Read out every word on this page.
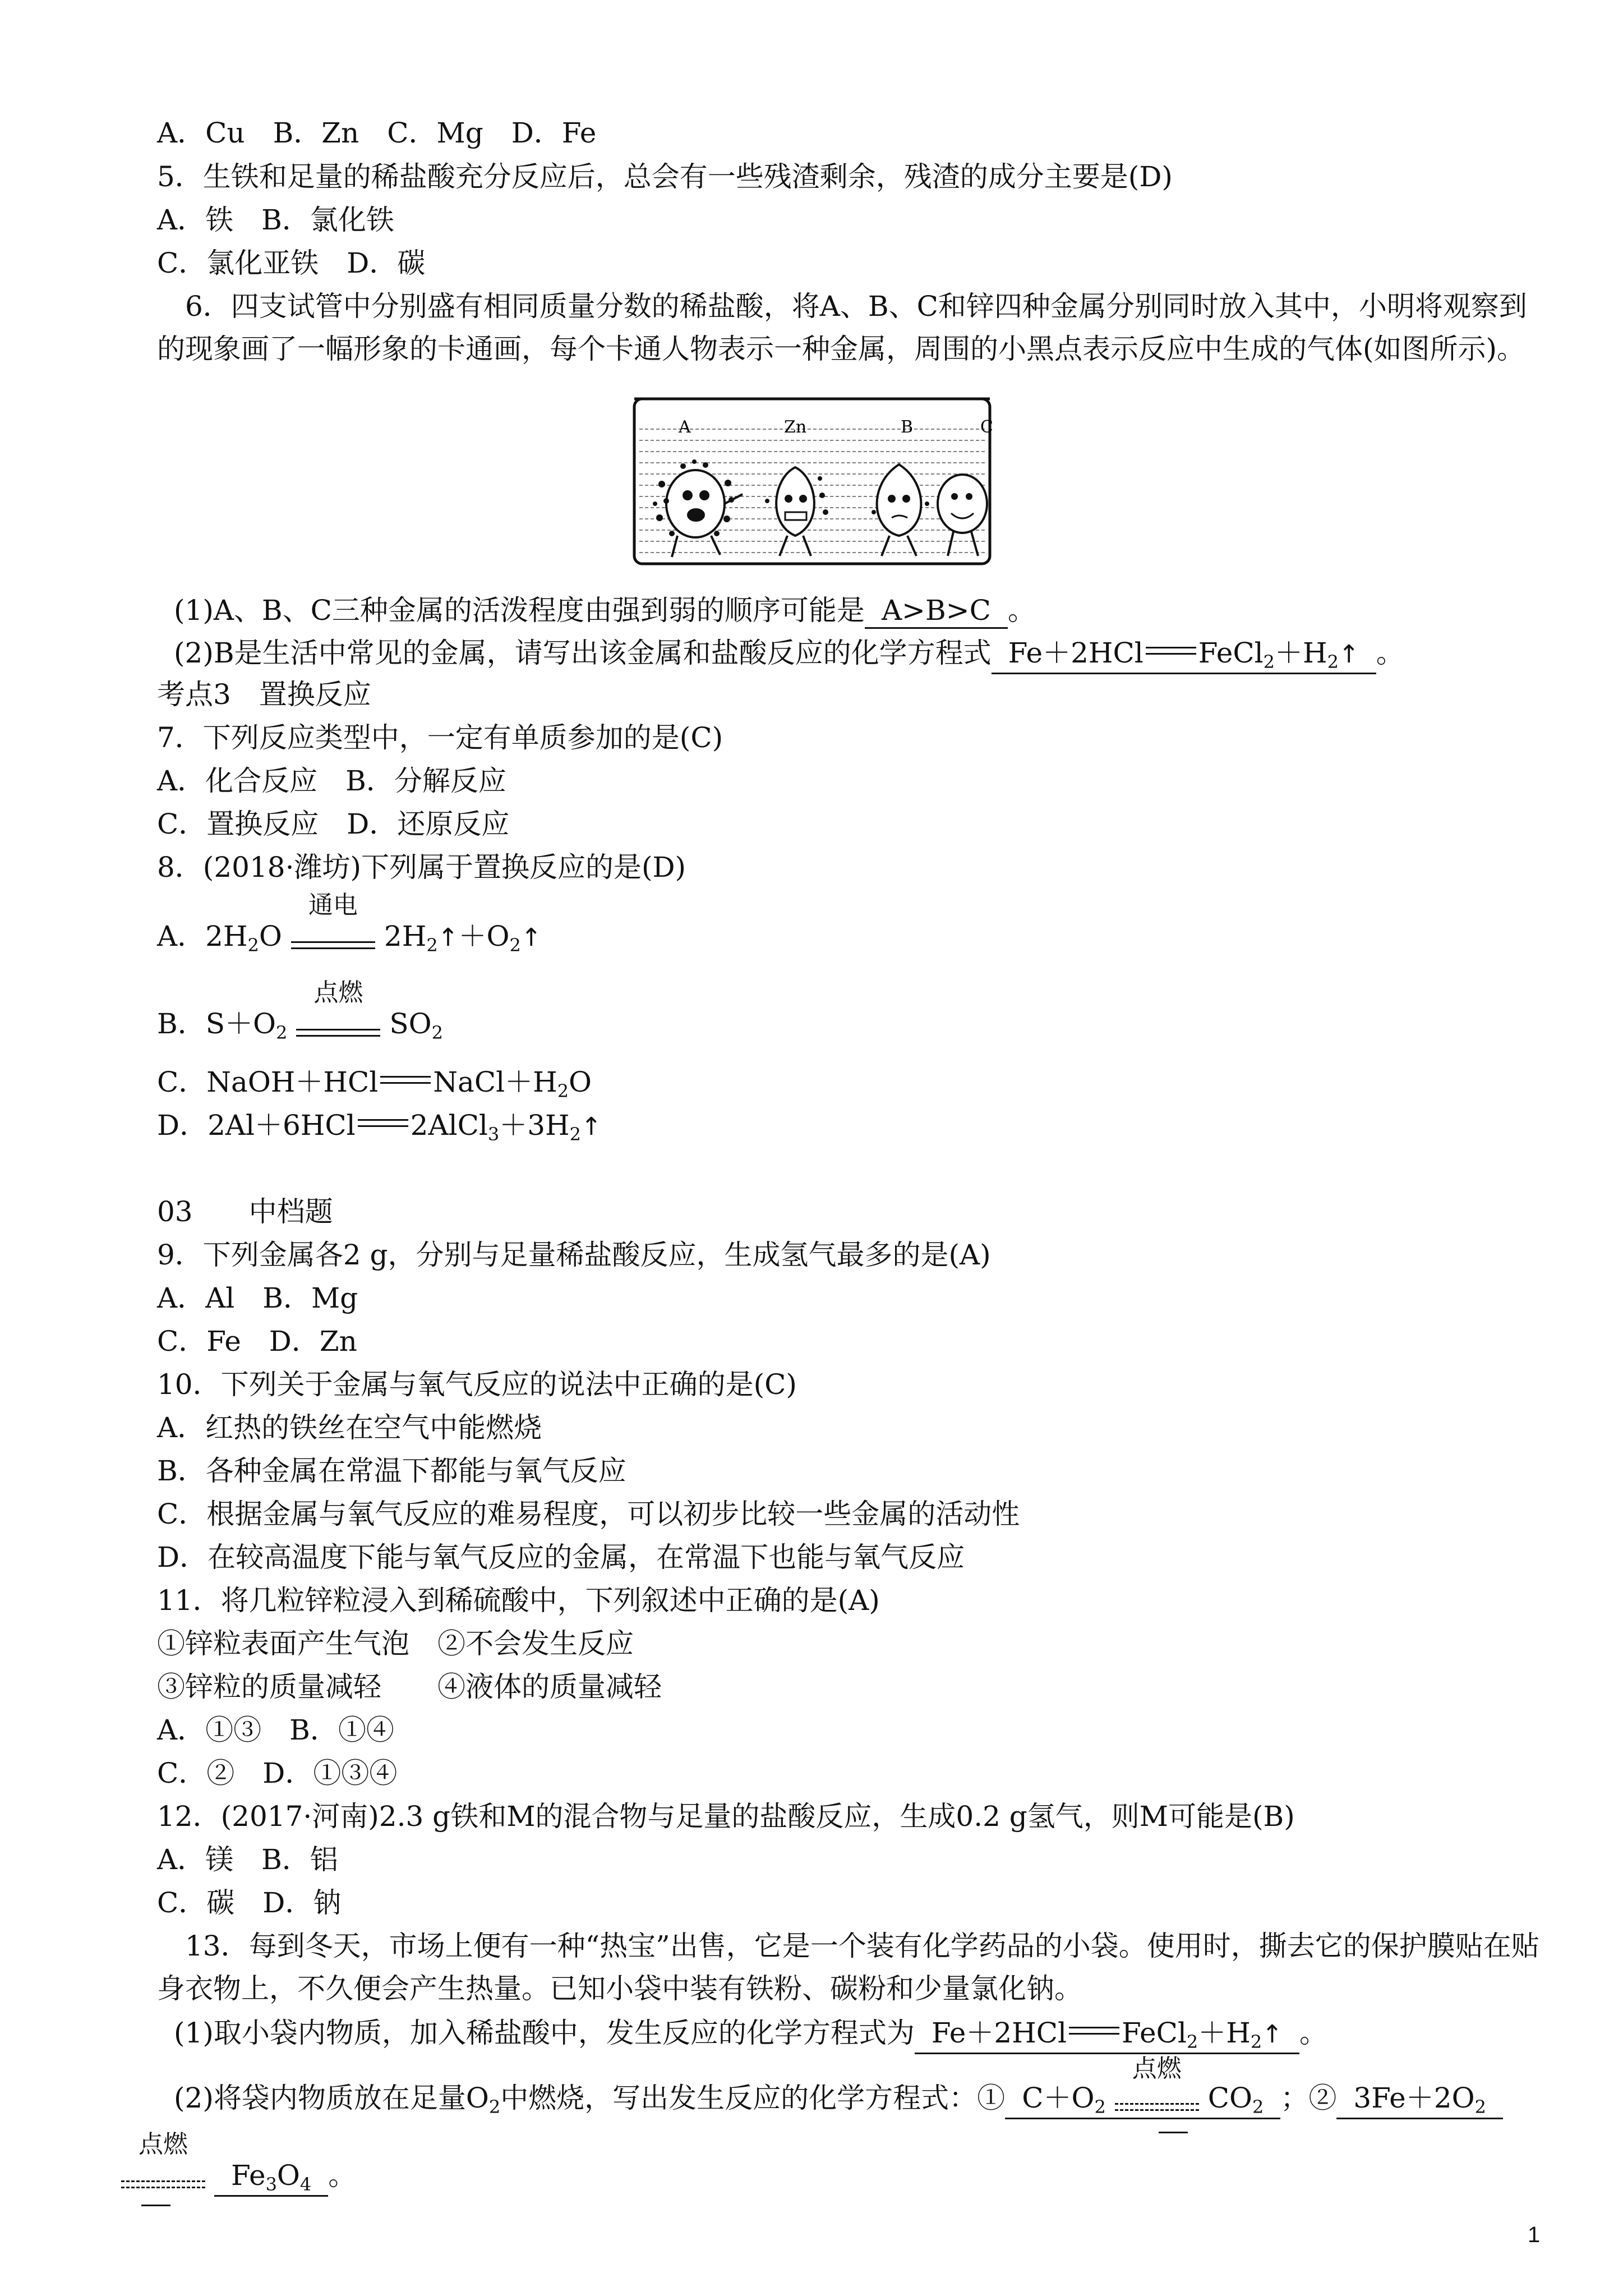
A．Cu　B．Zn　C．Mg　D．Fe
5．生铁和足量的稀盐酸充分反应后，总会有一些残渣剩余，残渣的成分主要是(D)
A．铁　B．氯化铁
C．氯化亚铁　D．碳
6．四支试管中分别盛有相同质量分数的稀盐酸，将A、B、C和锌四种金属分别同时放入其中，小明将观察到的现象画了一幅形象的卡通画，每个卡通人物表示一种金属，周围的小黑点表示反应中生成的气体(如图所示)。
A	Zn	B	C
(1)A、B、C三种金属的活泼程度由强到弱的顺序可能是 A>B>C 。
(2)B是生活中常见的金属，请写出该金属和盐酸反应的化学方程式 Fe＋2HCl $FeCl_2+H_2↑$ 。
考点3　置换反应
7．下列反应类型中，一定有单质参加的是(C)
A．化合反应　B．分解反应
C．置换反应　D．还原反应
8．(2018·潍坊)下列属于置换反应的是(D)
A．$2H_2O$
通电
$2H_2↑+O_2↑$
B．$S+O_2$
点燃
$SO_2$
C．NaOH＋HCl $NaCl+H_2O$
D．2Al＋6HCl $2AlCl_3+3H_2↑$
03　　中档题
9．下列金属各2 g，分别与足量稀盐酸反应，生成氢气最多的是(A)
A．Al　B．Mg
C．Fe　D．Zn
10．下列关于金属与氧气反应的说法中正确的是(C)
A．红热的铁丝在空气中能燃烧
B．各种金属在常温下都能与氧气反应
C．根据金属与氧气反应的难易程度，可以初步比较一些金属的活动性
D．在较高温度下能与氧气反应的金属，在常温下也能与氧气反应
11．将几粒锌粒浸入到稀硫酸中，下列叙述中正确的是(A)
①锌粒表面产生气泡　②不会发生反应
③锌粒的质量减轻　　④液体的质量减轻
A．①③　B．①④
C．②　D．①③④
12．(2017·河南)2.3 g铁和M的混合物与足量的盐酸反应，生成0.2 g氢气，则M可能是(B)
A．镁　B．铝
C．碳　D．钠
13．每到冬天，市场上便有一种“热宝”出售，它是一个装有化学药品的小袋。使用时，撕去它的保护膜贴在贴身衣物上，不久便会产生热量。已知小袋中装有铁粉、碳粉和少量氯化钠。
(1)取小袋内物质，加入稀盐酸中，发生反应的化学方程式为 Fe＋2HCl $FeCl_2+H_2↑$ 。
(2)将袋内物质放在足量$O_2$中燃烧，写出发生反应的化学方程式：① $C+O_2$
点燃
$CO_2$ ；② $3Fe+2O_2$
点燃
$Fe_3O_4$ 。
1
